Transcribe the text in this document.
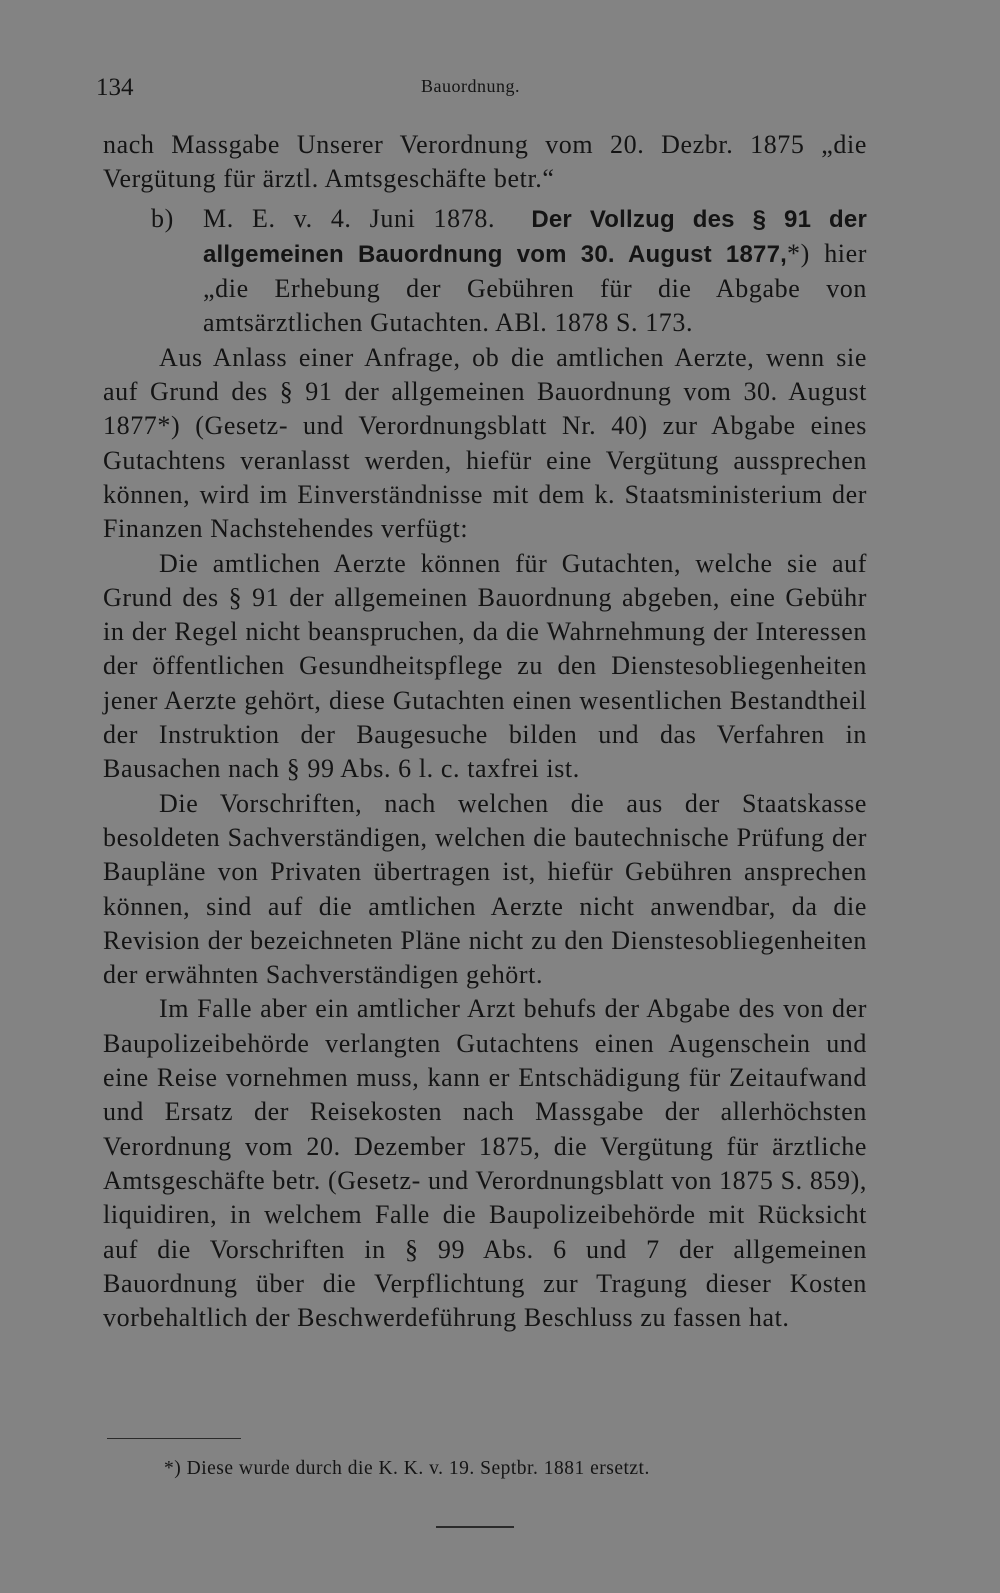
134	Bauordnung.

nach Massgabe Unserer Verordnung vom 20. Dezbr. 1875 „die Vergütung für ärztl. Amtsgeschäfte betr.“

b)	M. E. v. 4. Juni 1878. Der Vollzug des § 91 der allgemeinen Bauordnung vom 30. August 1877,*) hier „die Erhebung der Gebühren für die Abgabe von amtsärztlichen Gutachten. ABl. 1878 S. 173.

Aus Anlass einer Anfrage, ob die amtlichen Aerzte, wenn sie auf Grund des § 91 der allgemeinen Bauordnung vom 30. August 1877*) (Gesetz- und Verordnungsblatt Nr. 40) zur Abgabe eines Gutachtens veranlasst werden, hiefür eine Vergütung aussprechen können, wird im Einverständnisse mit dem k. Staatsministerium der Finanzen Nachstehendes verfügt:

Die amtlichen Aerzte können für Gutachten, welche sie auf Grund des § 91 der allgemeinen Bauordnung abgeben, eine Gebühr in der Regel nicht beanspruchen, da die Wahrnehmung der Interessen der öffentlichen Gesundheitspflege zu den Dienstesobliegenheiten jener Aerzte gehört, diese Gutachten einen wesentlichen Bestandtheil der Instruktion der Baugesuche bilden und das Verfahren in Bausachen nach § 99 Abs. 6 l. c. taxfrei ist.

Die Vorschriften, nach welchen die aus der Staatskasse besoldeten Sachverständigen, welchen die bautechnische Prüfung der Baupläne von Privaten übertragen ist, hiefür Gebühren ansprechen können, sind auf die amtlichen Aerzte nicht anwendbar, da die Revision der bezeichneten Pläne nicht zu den Dienstesobliegenheiten der erwähnten Sachverständigen gehört.

Im Falle aber ein amtlicher Arzt behufs der Abgabe des von der Baupolizeibehörde verlangten Gutachtens einen Augenschein und eine Reise vornehmen muss, kann er Entschädigung für Zeitaufwand und Ersatz der Reisekosten nach Massgabe der allerhöchsten Verordnung vom 20. Dezember 1875, die Vergütung für ärztliche Amtsgeschäfte betr. (Gesetz- und Verordnungsblatt von 1875 S. 859), liquidiren, in welchem Falle die Baupolizeibehörde mit Rücksicht auf die Vorschriften in § 99 Abs. 6 und 7 der allgemeinen Bauordnung über die Verpflichtung zur Tragung dieser Kosten vorbehaltlich der Beschwerdeführung Beschluss zu fassen hat.

*) Diese wurde durch die K. K. v. 19. Septbr. 1881 ersetzt.
